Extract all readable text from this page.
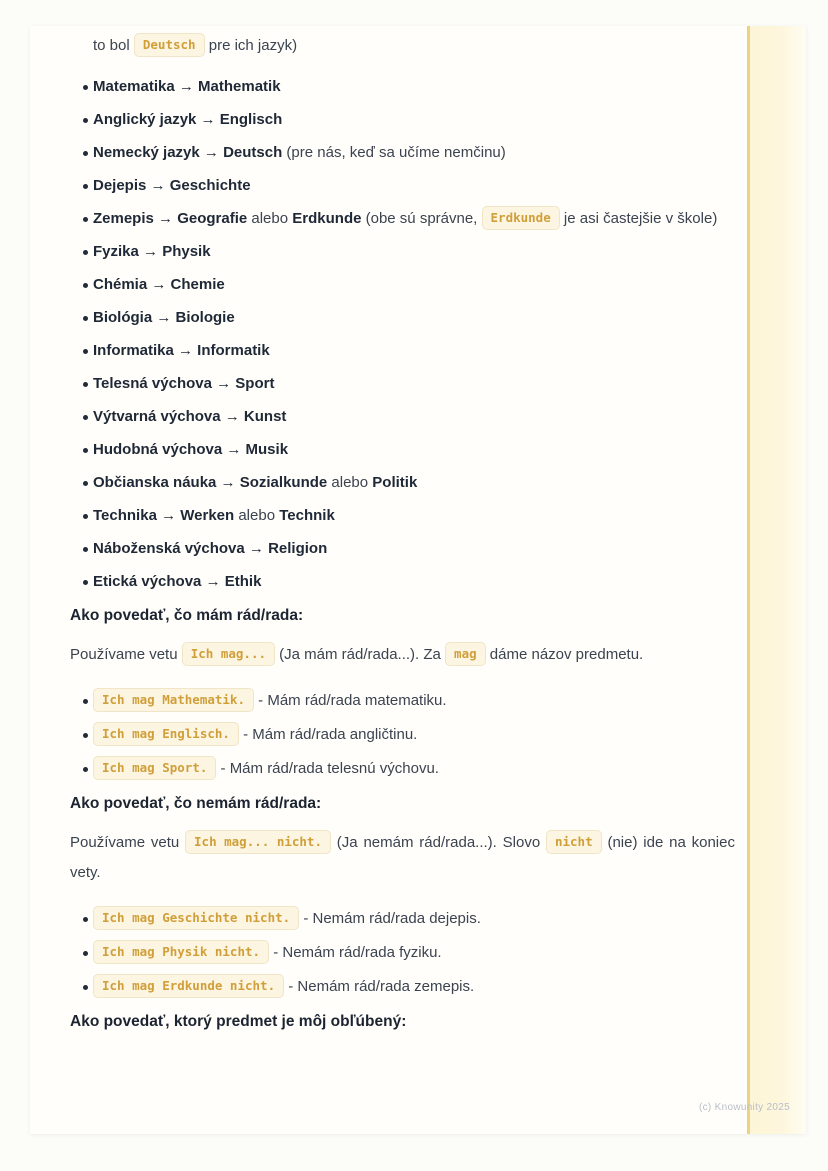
to bol Deutsch pre ich jazyk)
Matematika → Mathematik
Anglický jazyk → Englisch
Nemecký jazyk → Deutsch (pre nás, keď sa učíme nemčinu)
Dejepis → Geschichte
Zemepis → Geografie alebo Erdkunde (obe sú správne, Erdkunde je asi častejšie v škole)
Fyzika → Physik
Chémia → Chemie
Biológia → Biologie
Informatika → Informatik
Telesná výchova → Sport
Výtvarná výchova → Kunst
Hudobná výchova → Musik
Občianska náuka → Sozialkunde alebo Politik
Technika → Werken alebo Technik
Náboženská výchova → Religion
Etická výchova → Ethik
Ako povedať, čo mám rád/rada:

Používame vetu Ich mag... (Ja mám rád/rada...). Za mag dáme názov predmetu.

Ich mag Mathematik. - Mám rád/rada matematiku.
Ich mag Englisch. - Mám rád/rada angličtinu.
Ich mag Sport. - Mám rád/rada telesnú výchovu.
Ako povedať, čo nemám rád/rada:

Používame vetu Ich mag... nicht. (Ja nemám rád/rada...). Slovo nicht (nie) ide na koniec vety.

Ich mag Geschichte nicht. - Nemám rád/rada dejepis.
Ich mag Physik nicht. - Nemám rád/rada fyziku.
Ich mag Erdkunde nicht. - Nemám rád/rada zemepis.
Ako povedať, ktorý predmet je môj obľúbený:
(c) Knowunity 2025
